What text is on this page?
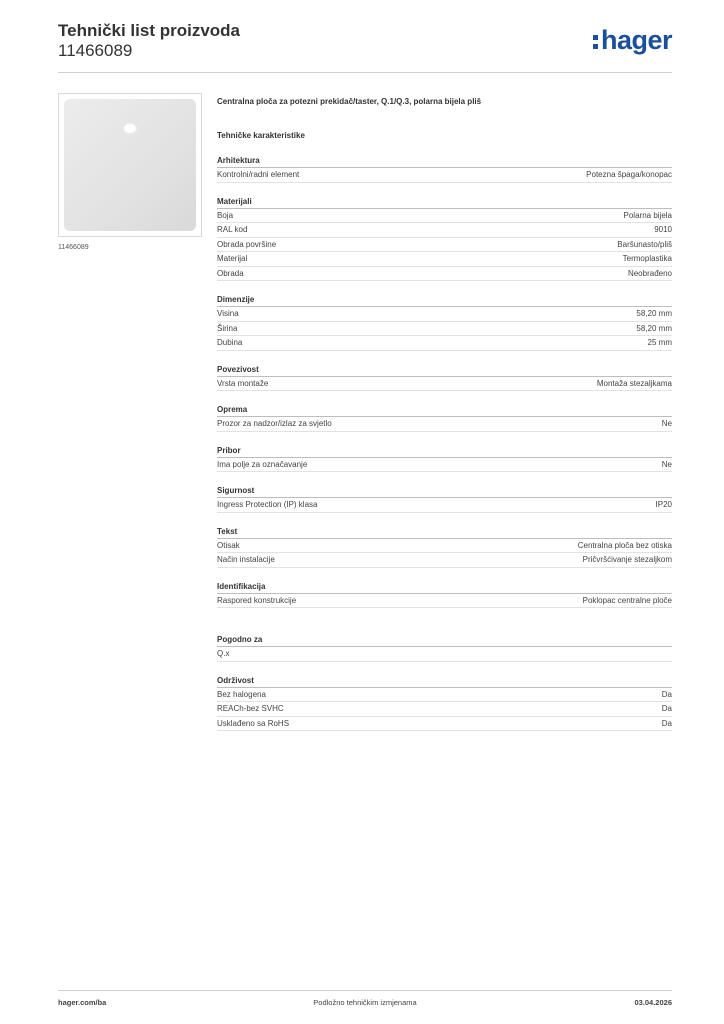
Tehnički list proizvoda
11466089	hager
11466089
Centralna ploča za potezni prekidač/taster, Q.1/Q.3, polarna bijela pliš
Tehničke karakteristike
Arhitektura
Kontrolni/radni element	Potezna špaga/konopac
Materijali
Boja	Polarna bijela
RAL kod	9010
Obrada površine	Baršunasto/pliš
Materijal	Termoplastika
Obrada	Neobrađeno
Dimenzije
Visina	58,20 mm
Širina	58,20 mm
Dubina	25 mm
Povezivost
Vrsta montaže	Montaža stezaljkama
Oprema
Prozor za nadzor/izlaz za svjetlo	Ne
Pribor
Ima polje za označavanje	Ne
Sigurnost
Ingress Protection (IP) klasa	IP20
Tekst
Otisak	Centralna ploča bez otiska
Način instalacije	Pričvršćivanje stezaljkom
Identifikacija
Raspored konstrukcije	Poklopac centralne ploče
Pogodno za
Q.x
Održivost
Bez halogena	Da
REACh-bez SVHC	Da
Usklađeno sa RoHS	Da
hager.com/ba	Podložno tehničkim izmjenama	03.04.2026
